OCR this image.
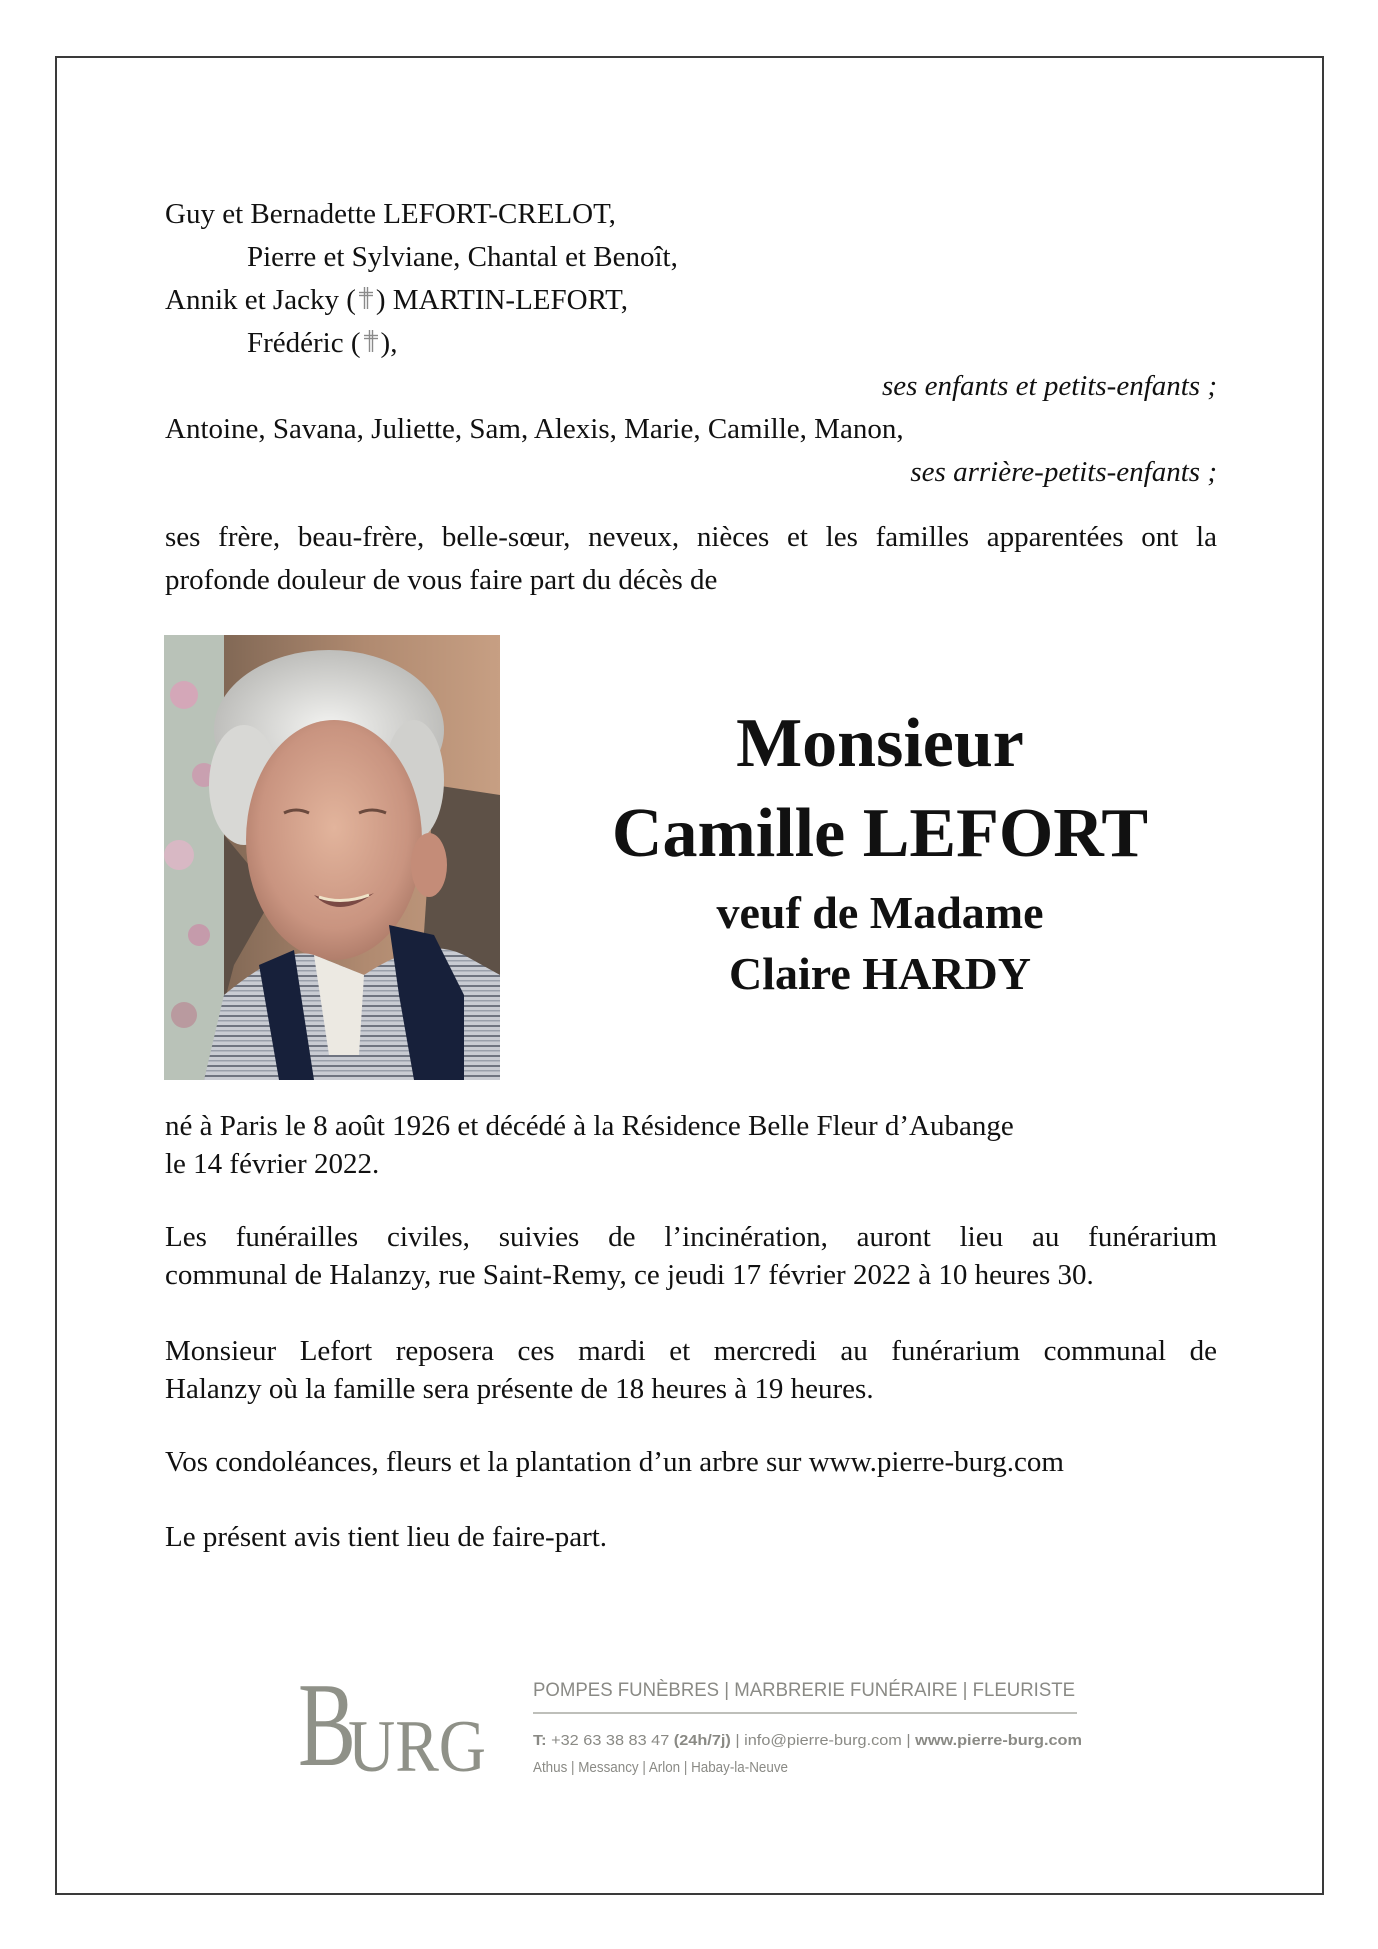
Guy et Bernadette LEFORT-CRELOT,
Pierre et Sylviane, Chantal et Benoît,
Annik et Jacky ( ) MARTIN-LEFORT,
Frédéric ( ),
ses enfants et petits-enfants ;
Antoine, Savana, Juliette, Sam, Alexis, Marie, Camille, Manon,
ses arrière-petits-enfants ;
ses frère, beau-frère, belle-sœur, neveux, nièces et les familles apparentées ont la
profonde douleur de vous faire part du décès de
Monsieur
Camille LEFORT
veuf de Madame
Claire HARDY
né à Paris le 8 août 1926 et décédé à la Résidence Belle Fleur d’Aubange
le 14 février 2022.
Les funérailles civiles, suivies de l’incinération, auront lieu au funérarium
communal de Halanzy, rue Saint-Remy, ce jeudi 17 février 2022 à 10 heures 30.
Monsieur Lefort reposera ces mardi et mercredi au funérarium communal de
Halanzy où la famille sera présente de 18 heures à 19 heures.
Vos condoléances, fleurs et la plantation d’un arbre sur www.pierre-burg.com
Le présent avis tient lieu de faire-part.
B
URG
POMPES FUNÈBRES | MARBRERIE FUNÉRAIRE | FLEURISTE
T: +32 63 38 83 47 (24h/7j) | info@pierre-burg.com | www.pierre-burg.com
Athus | Messancy | Arlon | Habay-la-Neuve
